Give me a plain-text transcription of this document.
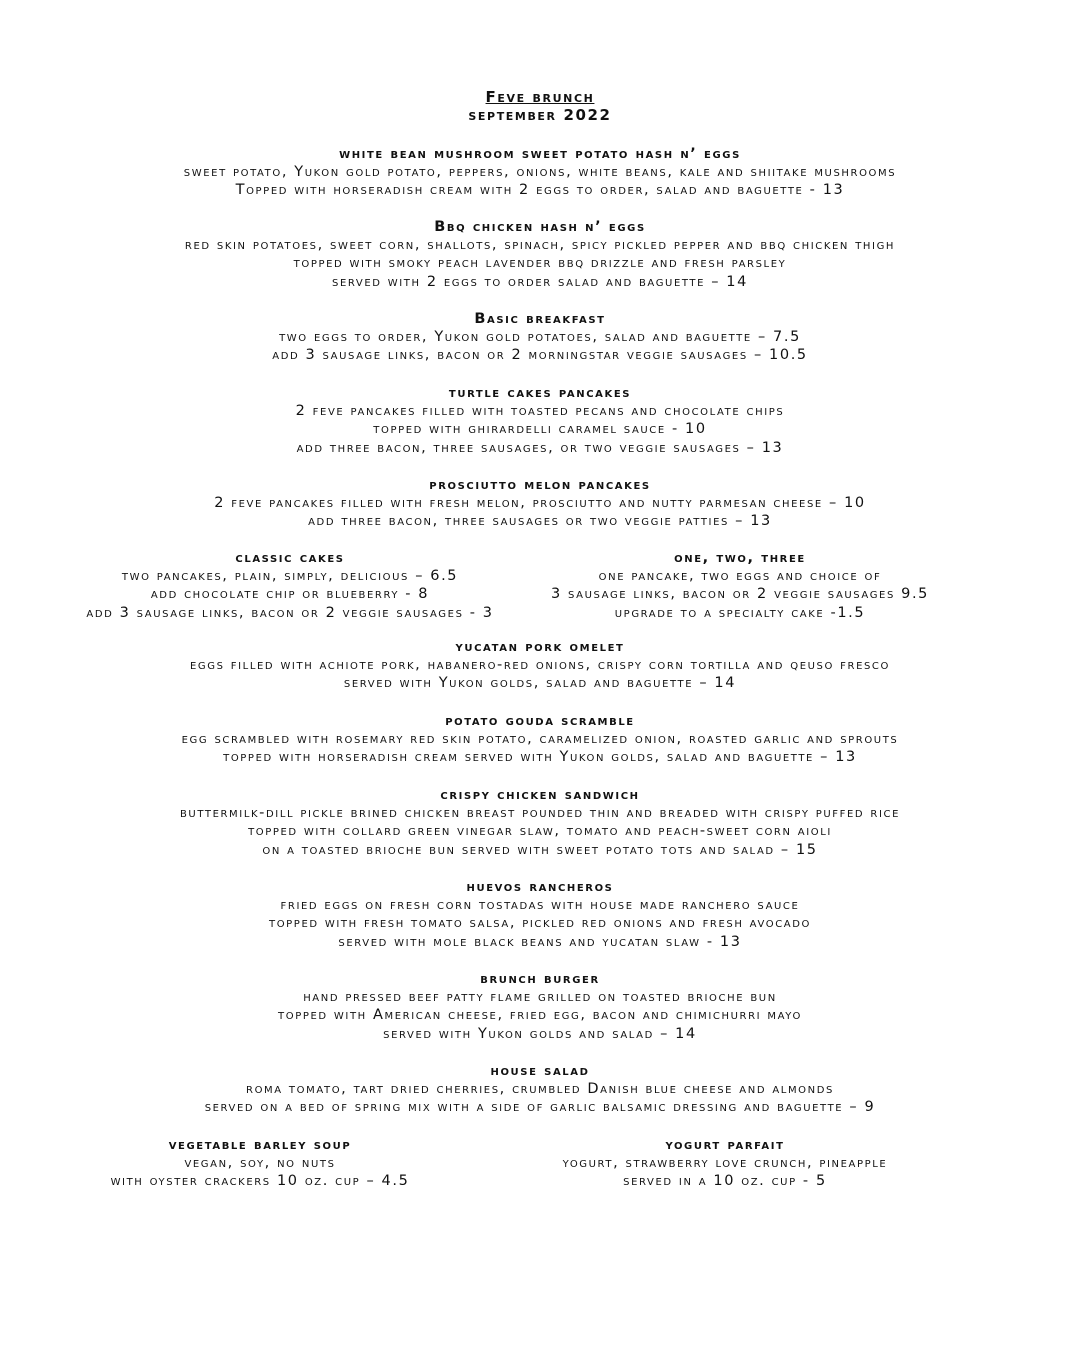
Feve brunch
september 2022
white bean mushroom sweet potato hash n’ eggs
sweet potato, Yukon gold potato, peppers, onions, white beans, kale and shiitake mushrooms
Topped with horseradish cream with 2 eggs to order, salad and baguette - 13
Bbq chicken hash n’ eggs
red skin potatoes, sweet corn, shallots, spinach, spicy pickled pepper and bbq chicken thigh
topped with smoky peach lavender bbq drizzle and fresh parsley
served with 2 eggs to order salad and baguette – 14
Basic breakfast
two eggs to order, Yukon gold potatoes, salad and baguette – 7.5
add 3 sausage links, bacon or 2 morningstar veggie sausages – 10.5
turtle cakes pancakes
2 feve pancakes filled with toasted pecans and chocolate chips
topped with ghirardelli caramel sauce - 10
add three bacon, three sausages, or two veggie sausages – 13
prosciutto melon pancakes
2 feve pancakes filled with fresh melon, prosciutto and nutty parmesan cheese – 10
add three bacon, three sausages or two veggie patties – 13
classic cakes
two pancakes, plain, simply, delicious – 6.5
add chocolate chip or blueberry - 8
add 3 sausage links, bacon or 2 veggie sausages - 3
one, two, three
one pancake, two eggs and choice of
3 sausage links, bacon or 2 veggie sausages 9.5
upgrade to a specialty cake -1.5
yucatan pork omelet
eggs filled with achiote pork, habanero-red onions, crispy corn tortilla and qeuso fresco
served with Yukon golds, salad and baguette – 14
potato gouda scramble
egg scrambled with rosemary red skin potato, caramelized onion, roasted garlic and sprouts
topped with horseradish cream served with Yukon golds, salad and baguette – 13
crispy chicken sandwich
buttermilk-dill pickle brined chicken breast pounded thin and breaded with crispy puffed rice
topped with collard green vinegar slaw, tomato and peach-sweet corn aioli
on a toasted brioche bun served with sweet potato tots and salad – 15
huevos rancheros
fried eggs on fresh corn tostadas with house made ranchero sauce
topped with fresh tomato salsa, pickled red onions and fresh avocado
served with mole black beans and yucatan slaw - 13
brunch burger
hand pressed beef patty flame grilled on toasted brioche bun
topped with American cheese, fried egg, bacon and chimichurri mayo
served with Yukon golds and salad – 14
house salad
roma tomato, tart dried cherries, crumbled Danish blue cheese and almonds
served on a bed of spring mix with a side of garlic balsamic dressing and baguette – 9
vegetable barley soup
vegan, soy, no nuts
with oyster crackers 10 oz. cup – 4.5
yogurt parfait
yogurt, strawberry love crunch, pineapple
served in a 10 oz. cup - 5
